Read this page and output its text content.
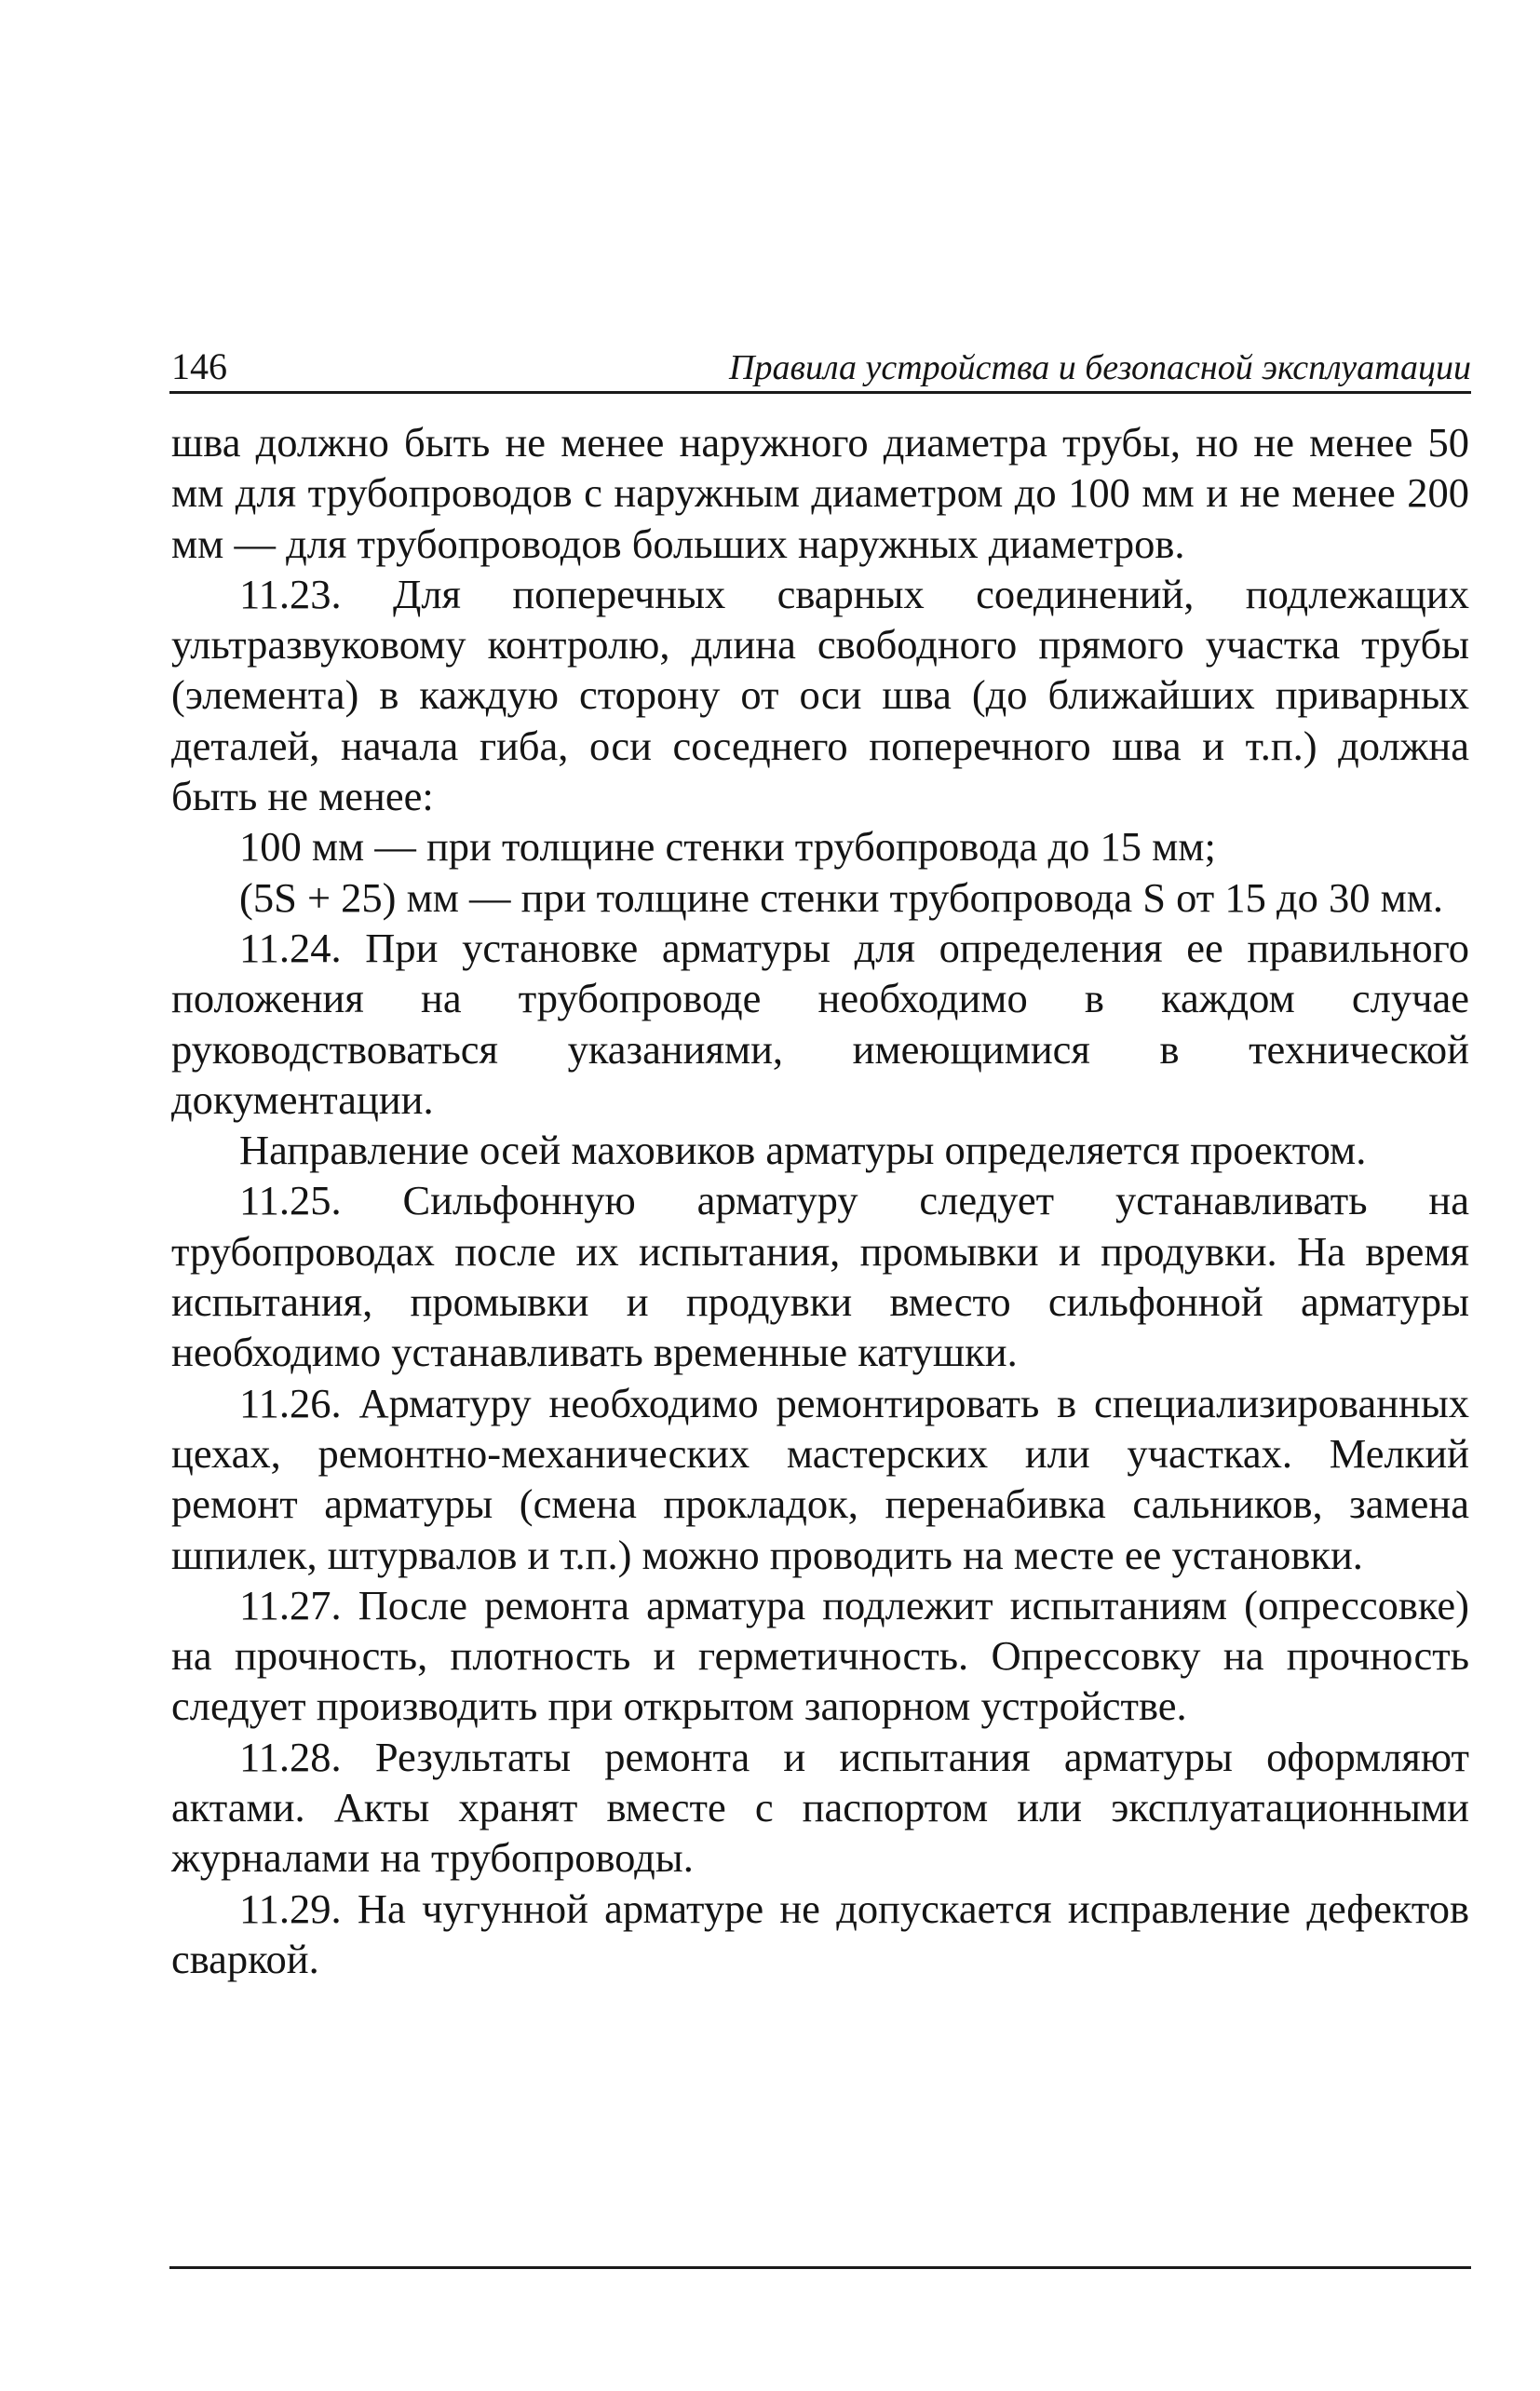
146	Правила устройства и безопасной эксплуатации

шва должно быть не менее наружного диаметра трубы, но не менее 50 мм для трубопроводов с наружным диаметром до 100 мм и не менее 200 мм — для трубопроводов больших наружных диаметров.

11.23. Для поперечных сварных соединений, подлежащих ультразвуковому контролю, длина свободного прямого участка трубы (элемента) в каждую сторону от оси шва (до ближайших приварных деталей, начала гиба, оси соседнего поперечного шва и т.п.) должна быть не менее:

100 мм — при толщине стенки трубопровода до 15 мм;

(5S + 25) мм — при толщине стенки трубопровода S от 15 до 30 мм.

11.24. При установке арматуры для определения ее правильного положения на трубопроводе необходимо в каждом случае руководствоваться указаниями, имеющимися в технической документации.

Направление осей маховиков арматуры определяется проектом.

11.25. Сильфонную арматуру следует устанавливать на трубопроводах после их испытания, промывки и продувки. На время испытания, промывки и продувки вместо сильфонной арматуры необходимо устанавливать временные катушки.

11.26. Арматуру необходимо ремонтировать в специализированных цехах, ремонтно-механических мастерских или участках. Мелкий ремонт арматуры (смена прокладок, перенабивка сальников, замена шпилек, штурвалов и т.п.) можно проводить на месте ее установки.

11.27. После ремонта арматура подлежит испытаниям (опрессовке) на прочность, плотность и герметичность. Опрессовку на прочность следует производить при открытом запорном устройстве.

11.28. Результаты ремонта и испытания арматуры оформляют актами. Акты хранят вместе с паспортом или эксплуатационными журналами на трубопроводы.

11.29. На чугунной арматуре не допускается исправление дефектов сваркой.
